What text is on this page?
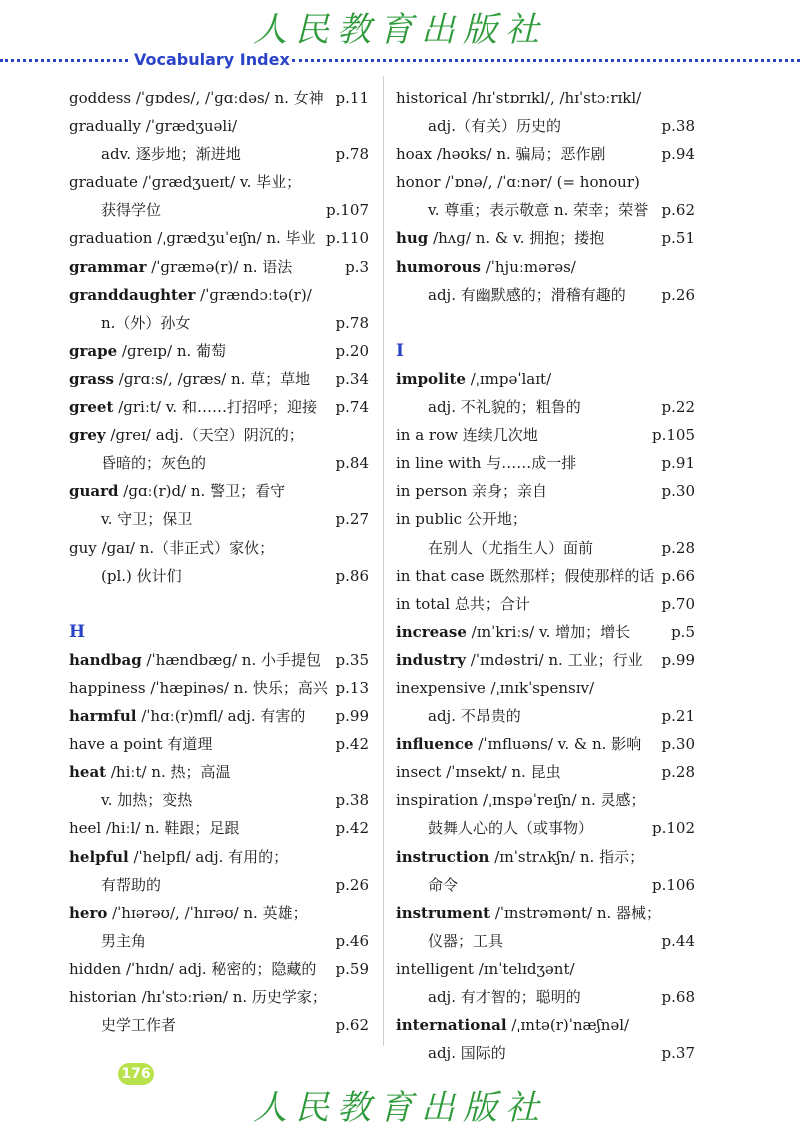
人民教育出版社
Vocabulary Index
goddess /ˈɡɒdes/, /ˈɡɑːdəs/ n. 女神 p.11
gradually /ˈɡrædʒuəli/
adv. 逐步地；渐进地	p.78
graduate /ˈɡrædʒueɪt/ v. 毕业；
获得学位	p.107
graduation /ˌɡrædʒuˈeɪʃn/ n. 毕业 p.110
grammar /ˈɡræmə(r)/ n. 语法	p.3
granddaughter /ˈɡrændɔːtə(r)/
n.（外）孙女	p.78
grape /ɡreɪp/ n. 葡萄	p.20
grass /ɡrɑːs/, /ɡræs/ n. 草；草地 p.34
greet /ɡriːt/ v. 和……打招呼；迎接 p.74
grey /ɡreɪ/ adj.（天空）阴沉的；
昏暗的；灰色的	p.84
guard /ɡɑː(r)d/ n. 警卫；看守
v. 守卫；保卫	p.27
guy /ɡaɪ/ n.（非正式）家伙；
(pl.) 伙计们	p.86
H
handbag /ˈhændbæɡ/ n. 小手提包 p.35
happiness /ˈhæpinəs/ n. 快乐；高兴 p.13
harmful /ˈhɑː(r)mfl/ adj. 有害的 p.99
have a point 有道理	p.42
heat /hiːt/ n. 热；高温
v. 加热；变热	p.38
heel /hiːl/ n. 鞋跟；足跟	p.42
helpful /ˈhelpfl/ adj. 有用的；
有帮助的	p.26
hero /ˈhɪərəʊ/, /ˈhɪrəʊ/ n. 英雄；
男主角	p.46
hidden /ˈhɪdn/ adj. 秘密的；隐藏的 p.59
historian /hɪˈstɔːriən/ n. 历史学家；
史学工作者	p.62
historical /hɪˈstɒrɪkl/, /hɪˈstɔːrɪkl/
adj.（有关）历史的	p.38
hoax /həʊks/ n. 骗局；恶作剧	p.94
honor /ˈɒnə/, /ˈɑːnər/ (= honour)
v. 尊重；表示敬意 n. 荣幸；荣誉 p.62
hug /hʌɡ/ n. & v. 拥抱；搂抱	p.51
humorous /ˈhjuːmərəs/
adj. 有幽默感的；滑稽有趣的 p.26
I
impolite /ˌɪmpəˈlaɪt/
adj. 不礼貌的；粗鲁的	p.22
in a row 连续几次地	p.105
in line with 与……成一排	p.91
in person 亲身；亲自	p.30
in public 公开地；
在别人（尤指生人）面前	p.28
in that case 既然那样；假使那样的话 p.66
in total 总共；合计	p.70
increase /ɪnˈkriːs/ v. 增加；增长	p.5
industry /ˈɪndəstri/ n. 工业；行业 p.99
inexpensive /ˌɪnɪkˈspensɪv/
adj. 不昂贵的	p.21
influence /ˈɪnfluəns/ v. & n. 影响 p.30
insect /ˈɪnsekt/ n. 昆虫	p.28
inspiration /ˌɪnspəˈreɪʃn/ n. 灵感；
鼓舞人心的人（或事物）	p.102
instruction /ɪnˈstrʌkʃn/ n. 指示；
命令	p.106
instrument /ˈɪnstrəmənt/ n. 器械；
仪器；工具	p.44
intelligent /ɪnˈtelɪdʒənt/
adj. 有才智的；聪明的	p.68
international /ˌɪntə(r)ˈnæʃnəl/
adj. 国际的	p.37
176
人民教育出版社
